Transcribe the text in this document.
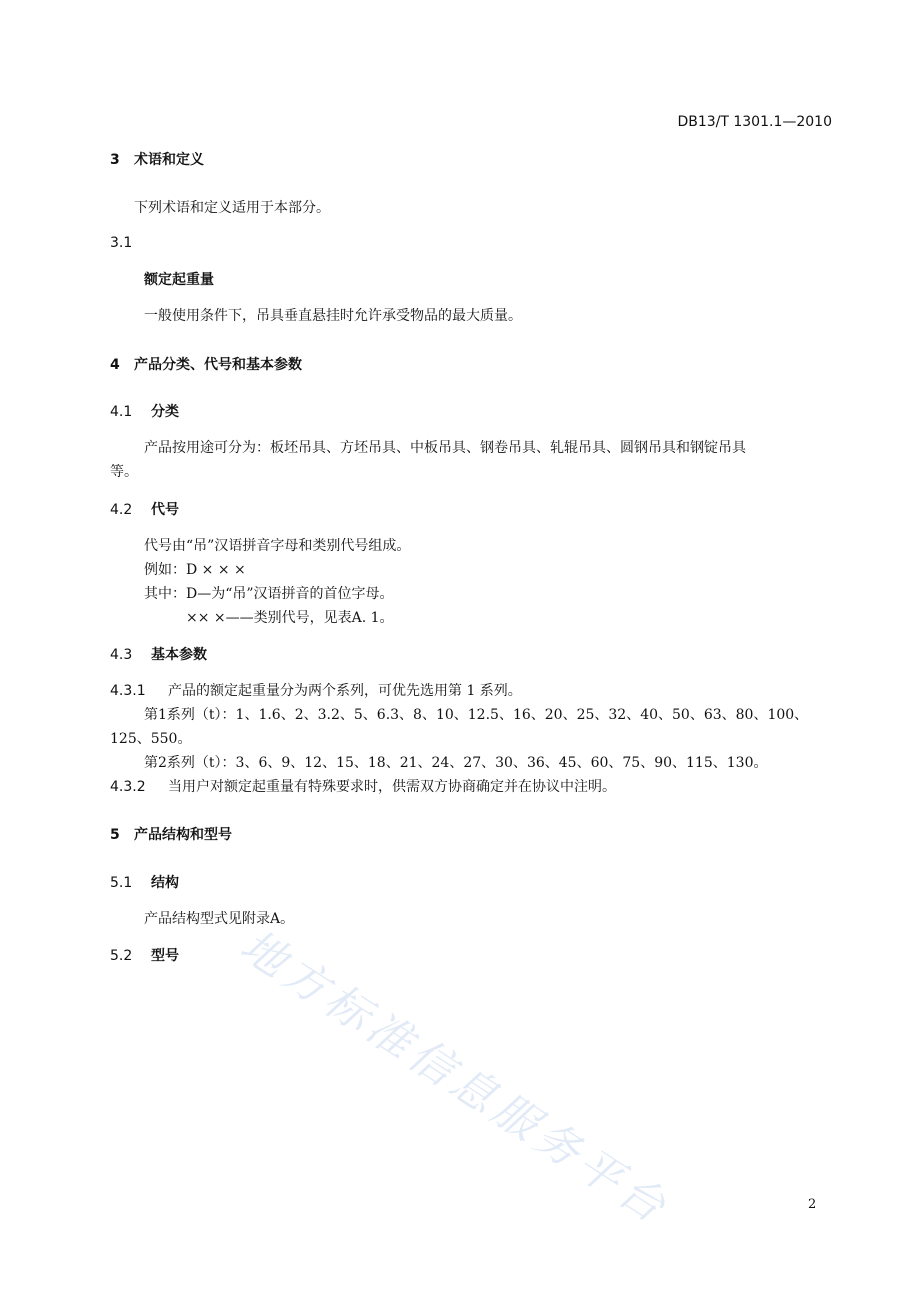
地方标准信息服务平台
DB13/T 1301.1—2010
3 术语和定义
下列术语和定义适用于本部分。
3.1
额定起重量
一般使用条件下，吊具垂直悬挂时允许承受物品的最大质量。
4 产品分类、代号和基本参数
4.1 分类
产品按用途可分为：板坯吊具、方坯吊具、中板吊具、钢卷吊具、轧辊吊具、圆钢吊具和钢锭吊具
等。
4.2 代号
代号由“吊”汉语拼音字母和类别代号组成。
例如：D × × ×
其中：D—为“吊”汉语拼音的首位字母。
×× ×——类别代号，见表A. 1。
4.3 基本参数
4.3.1 产品的额定起重量分为两个系列，可优先选用第 1 系列。
第1系列（t）：1、1.6、2、3.2、5、6.3、8、10、12.5、16、20、25、32、40、50、63、80、100、
125、550。
第2系列（t）：3、6、9、12、15、18、21、24、27、30、36、45、60、75、90、115、130。
4.3.2 当用户对额定起重量有特殊要求时，供需双方协商确定并在协议中注明。
5 产品结构和型号
5.1 结构
产品结构型式见附录A。
5.2 型号
2
